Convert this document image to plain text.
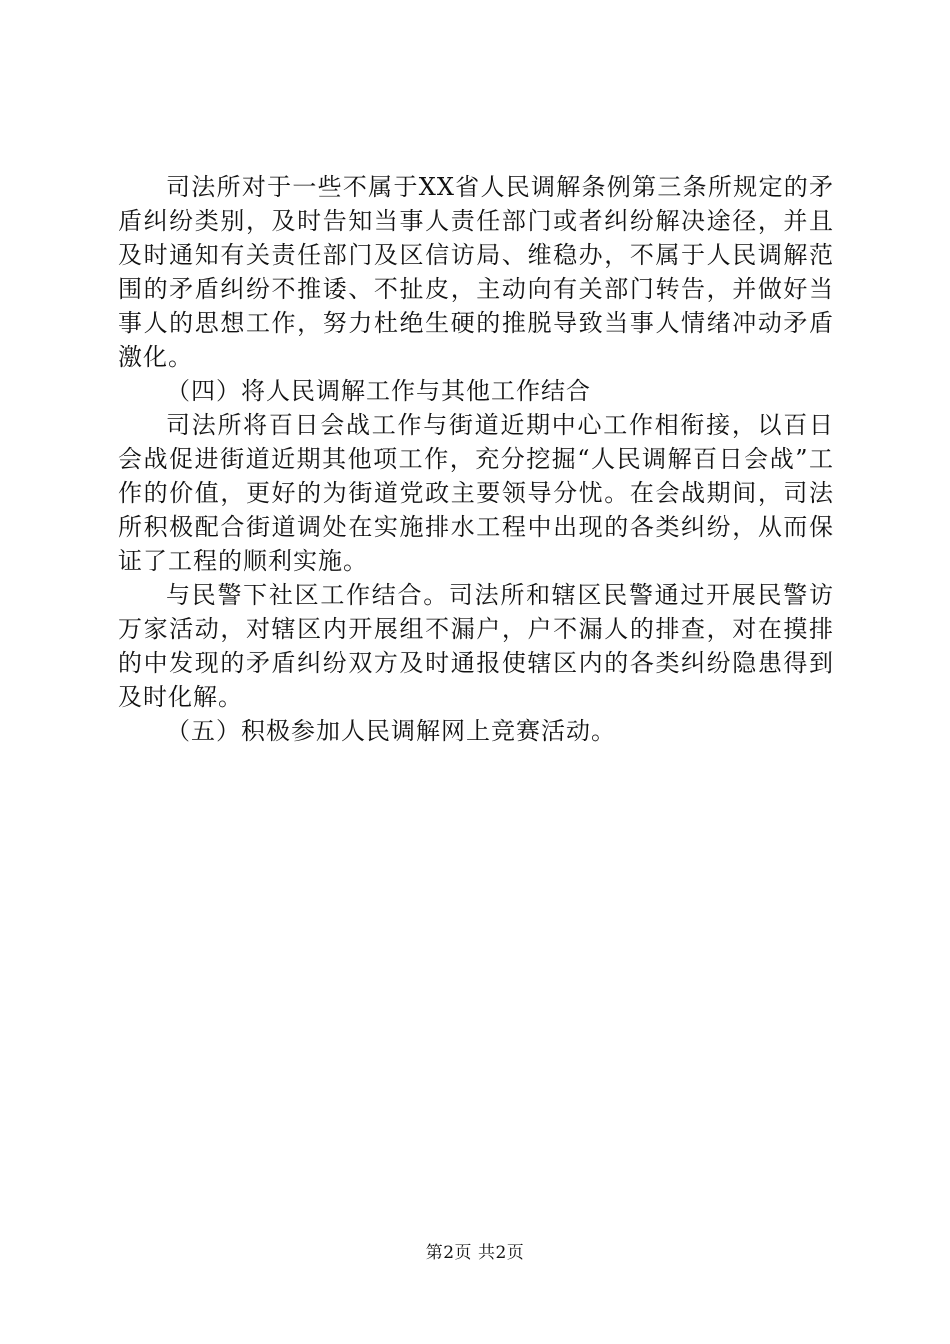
司法所对于一些不属于XX省人民调解条例第三条所规定的矛盾纠纷类别，及时告知当事人责任部门或者纠纷解决途径，并且及时通知有关责任部门及区信访局、维稳办，不属于人民调解范围的矛盾纠纷不推诿、不扯皮，主动向有关部门转告，并做好当事人的思想工作，努力杜绝生硬的推脱导致当事人情绪冲动矛盾激化。

（四）将人民调解工作与其他工作结合

司法所将百日会战工作与街道近期中心工作相衔接，以百日会战促进街道近期其他项工作，充分挖掘“人民调解百日会战”工作的价值，更好的为街道党政主要领导分忧。在会战期间，司法所积极配合街道调处在实施排水工程中出现的各类纠纷，从而保证了工程的顺利实施。

与民警下社区工作结合。司法所和辖区民警通过开展民警访万家活动，对辖区内开展组不漏户，户不漏人的排查，对在摸排的中发现的矛盾纠纷双方及时通报使辖区内的各类纠纷隐患得到及时化解。

（五）积极参加人民调解网上竞赛活动。

第2页 共2页
